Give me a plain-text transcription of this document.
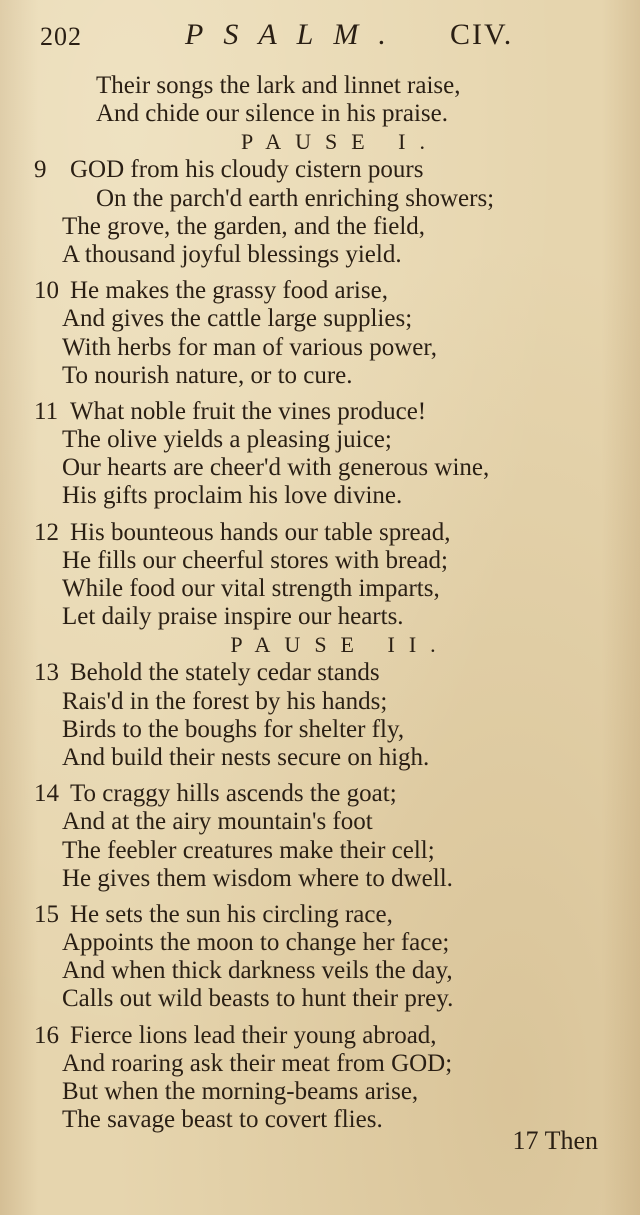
202	PSALM. CIV.
Their songs the lark and linnet raise,
And chide our silence in his praise.
PAUSE I.
9 GOD from his cloudy cistern pours
On the parch'd earth enriching showers;
The grove, the garden, and the field,
A thousand joyful blessings yield.
10 He makes the grassy food arise,
And gives the cattle large supplies;
With herbs for man of various power,
To nourish nature, or to cure.
11 What noble fruit the vines produce!
The olive yields a pleasing juice;
Our hearts are cheer'd with generous wine,
His gifts proclaim his love divine.
12 His bounteous hands our table spread,
He fills our cheerful stores with bread;
While food our vital strength imparts,
Let daily praise inspire our hearts.
PAUSE II.
13 Behold the stately cedar stands
Rais'd in the forest by his hands;
Birds to the boughs for shelter fly,
And build their nests secure on high.
14 To craggy hills ascends the goat;
And at the airy mountain's foot
The feebler creatures make their cell;
He gives them wisdom where to dwell.
15 He sets the sun his circling race,
Appoints the moon to change her face;
And when thick darkness veils the day,
Calls out wild beasts to hunt their prey.
16 Fierce lions lead their young abroad,
And roaring ask their meat from GOD;
But when the morning-beams arise,
The savage beast to covert flies.
17 Then
